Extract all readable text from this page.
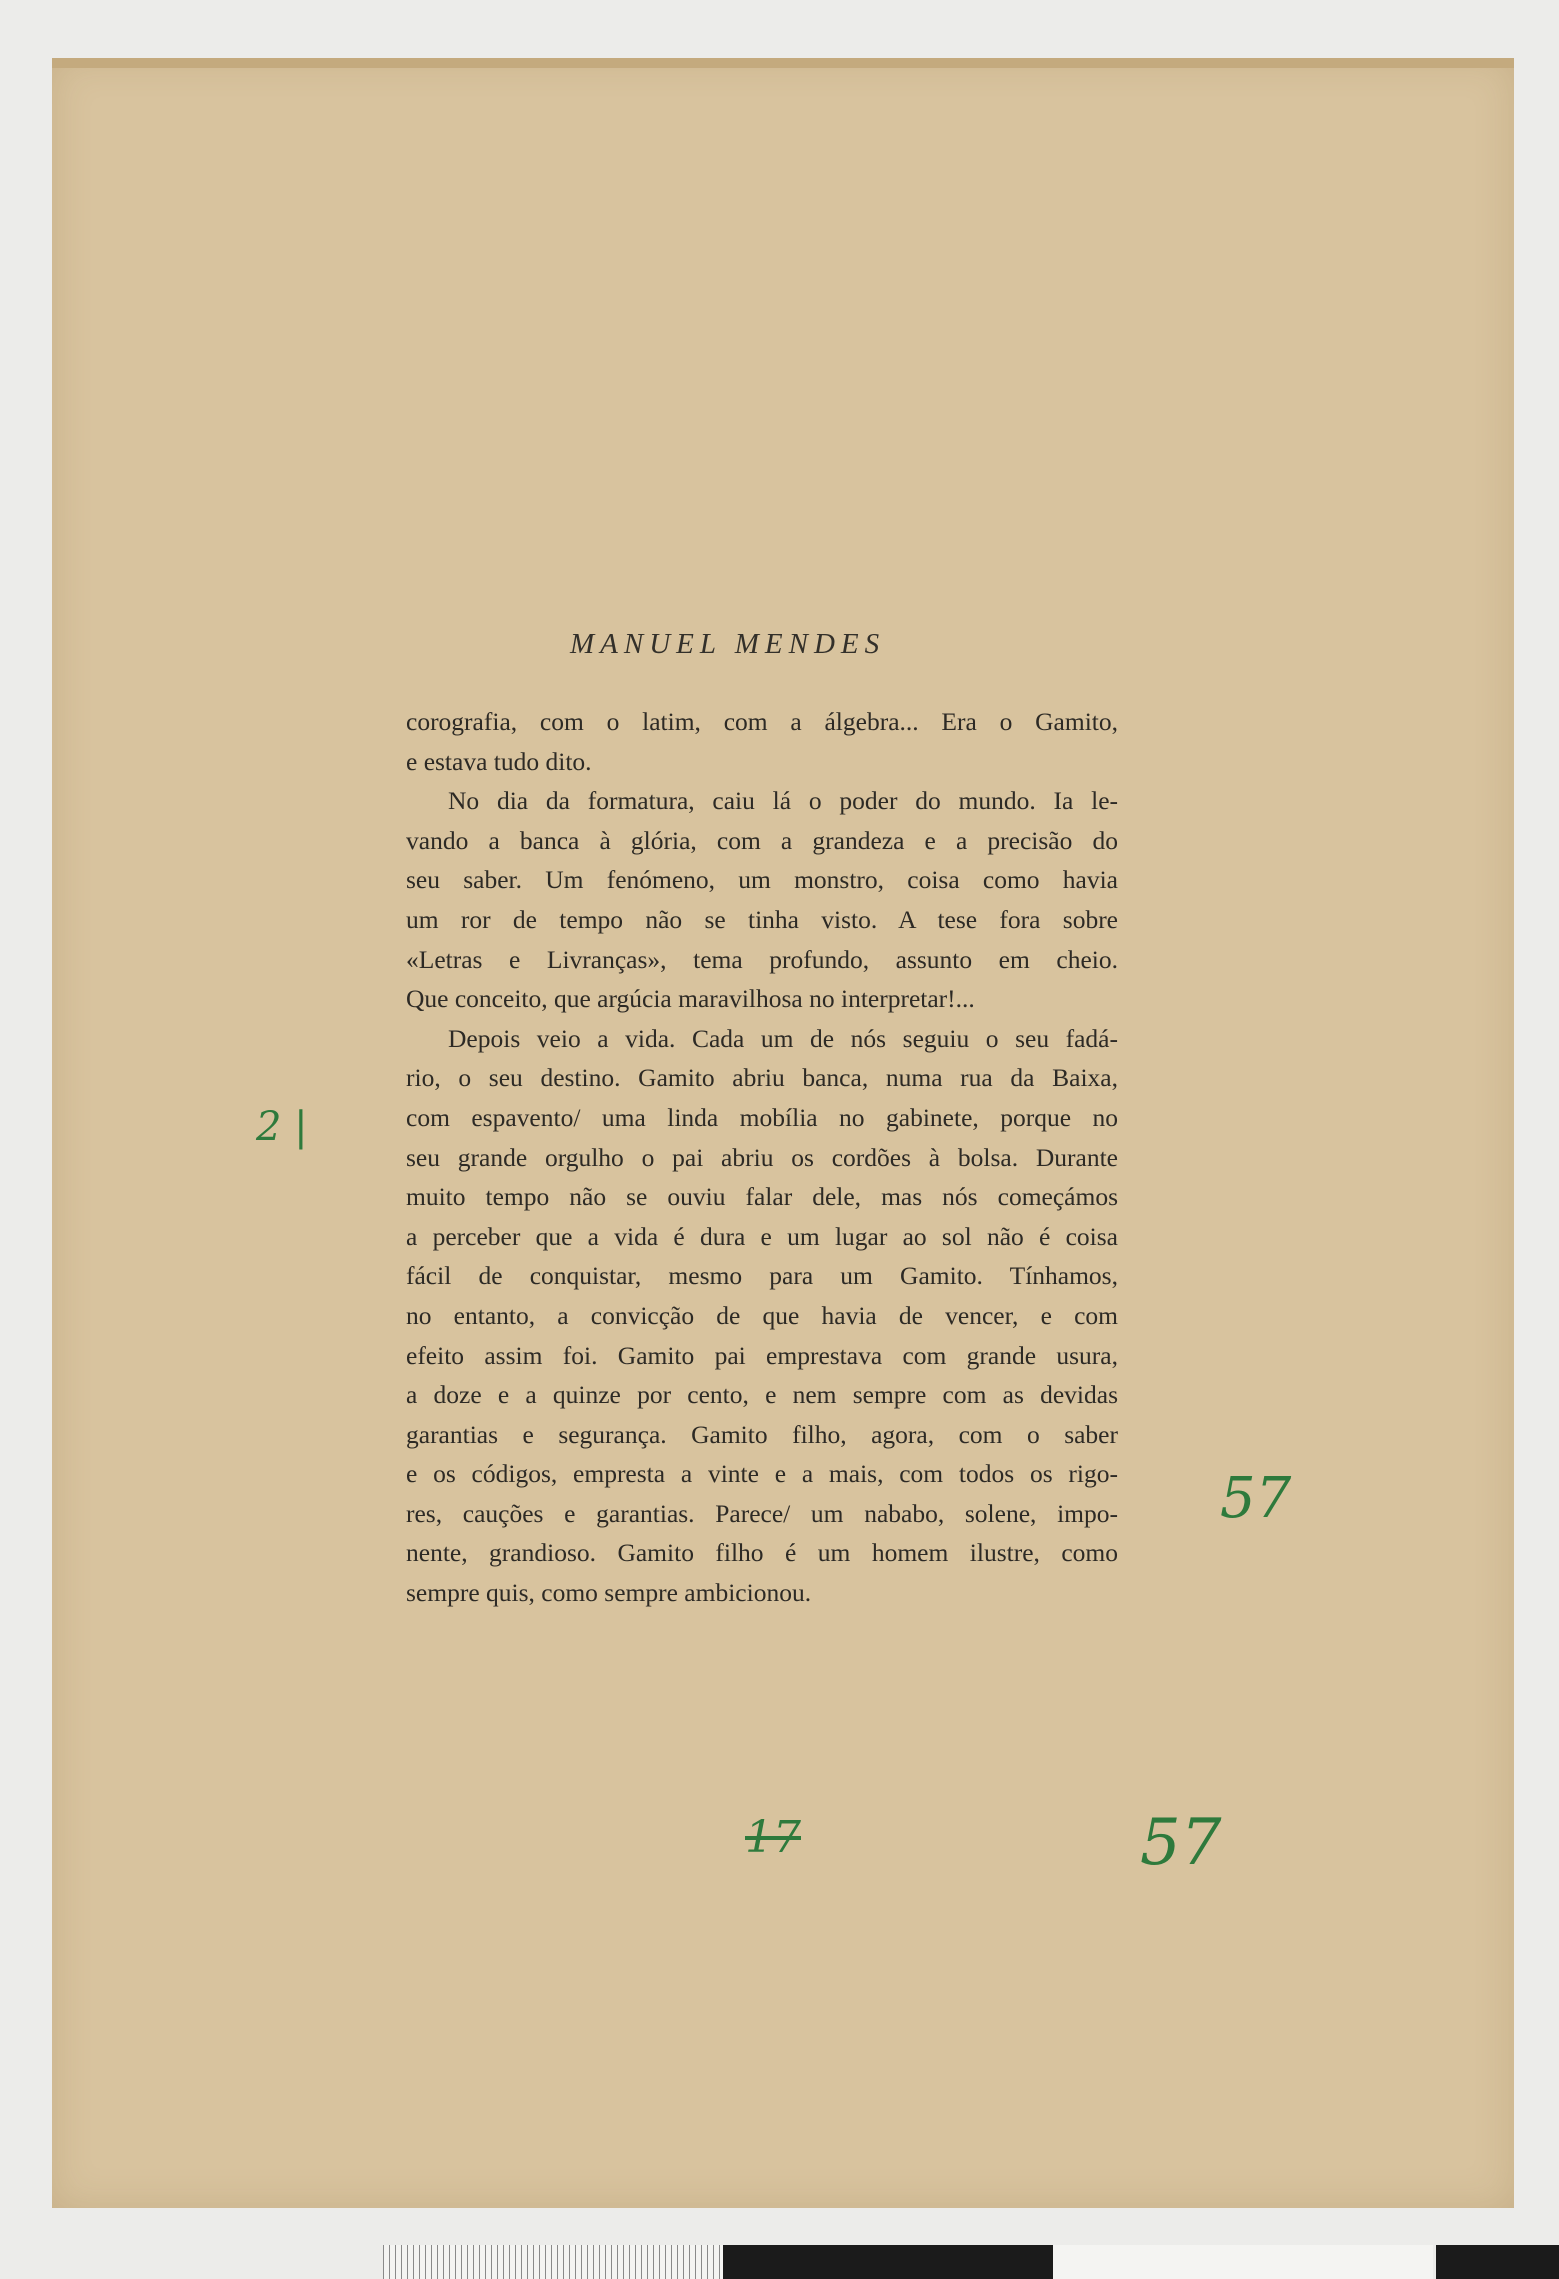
MANUEL MENDES
corografia, com o latim, com a álgebra... Era o Gamito,
e estava tudo dito.
No dia da formatura, caiu lá o poder do mundo. Ia le-
vando a banca à glória, com a grandeza e a precisão do
seu saber. Um fenómeno, um monstro, coisa como havia
um ror de tempo não se tinha visto. A tese fora sobre
«Letras e Livranças», tema profundo, assunto em cheio.
Que conceito, que argúcia maravilhosa no interpretar!...
Depois veio a vida. Cada um de nós seguiu o seu fadá-
rio, o seu destino. Gamito abriu banca, numa rua da Baixa,
com espavento/ uma linda mobília no gabinete, porque no
seu grande orgulho o pai abriu os cordões à bolsa. Durante
muito tempo não se ouviu falar dele, mas nós começámos
a perceber que a vida é dura e um lugar ao sol não é coisa
fácil de conquistar, mesmo para um Gamito. Tínhamos,
no entanto, a convicção de que havia de vencer, e com
efeito assim foi. Gamito pai emprestava com grande usura,
a doze e a quinze por cento, e nem sempre com as devidas
garantias e segurança. Gamito filho, agora, com o saber
e os códigos, empresta a vinte e a mais, com todos os rigo-
res, cauções e garantias. Parece/ um nababo, solene, impo-
nente, grandioso. Gamito filho é um homem ilustre, como
sempre quis, como sempre ambicionou.
2 |
57
17	57
